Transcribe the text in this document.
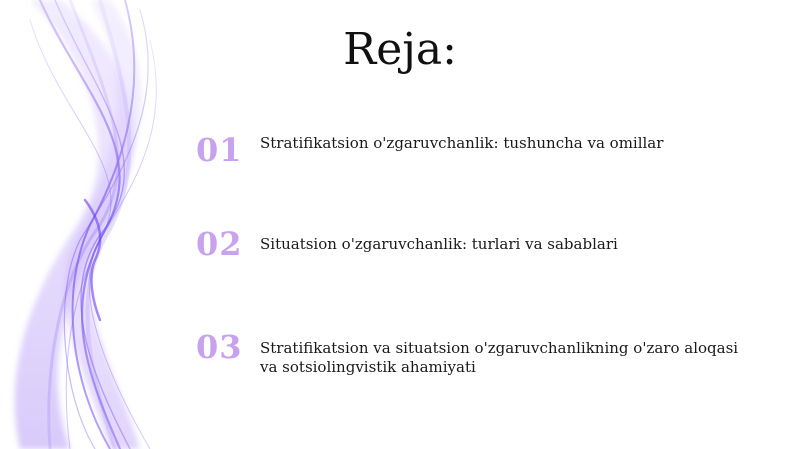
Reja:
01	Stratifikatsion o'zgaruvchanlik: tushuncha va omillar
02	Situatsion o'zgaruvchanlik: turlari va sabablari
03	Stratifikatsion va situatsion o'zgaruvchanlikning o'zaro aloqasi va sotsiolingvistik ahamiyati
